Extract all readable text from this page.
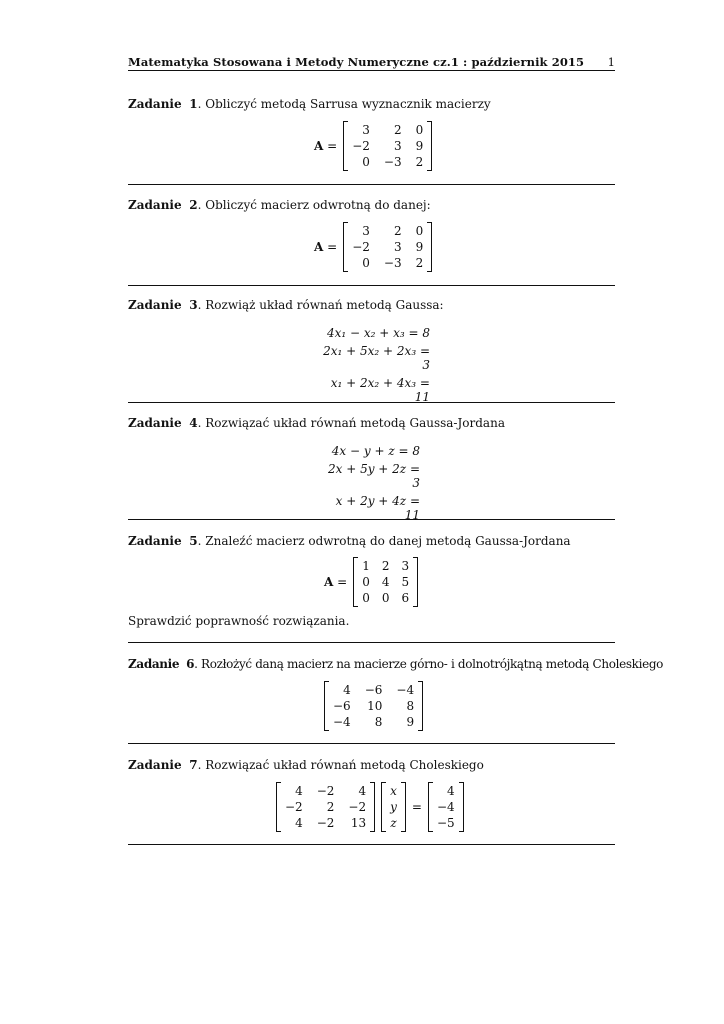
Matematyka Stosowana i Metody Numeryczne cz.1 : październik 2015 1
Zadanie 1. Obliczyć metodą Sarrusa wyznacznik macierzy
A =
3	2 0
−2	3 9
0 −3 2
Zadanie 2. Obliczyć macierz odwrotną do danej:
A =
3	2 0
−2	3 9
0 −3 2
Zadanie 3. Rozwiąż układ równań metodą Gaussa:
4x₁ − x₂ + x₃ = 8
2x₁ + 5x₂ + 2x₃ = 3
x₁ + 2x₂ + 4x₃ = 11
Zadanie 4. Rozwiązać układ równań metodą Gaussa-Jordana
4x − y + z = 8
2x + 5y + 2z = 3
x + 2y + 4z = 11
Zadanie 5. Znaleźć macierz odwrotną do danej metodą Gaussa-Jordana
A =
1 2 3
0 4 5
0 0 6
Sprawdzić poprawność rozwiązania.
Zadanie 6. Rozłożyć daną macierz na macierze górno- i dolnotrójkątną metodą Choleskiego
4 −6 −4
−6 10	8
−4	8	9
Zadanie 7. Rozwiązać układ równań metodą Choleskiego
4 −2	4
−2	2 −2
4 −2 13
x
y
z
=
4
−4
−5
